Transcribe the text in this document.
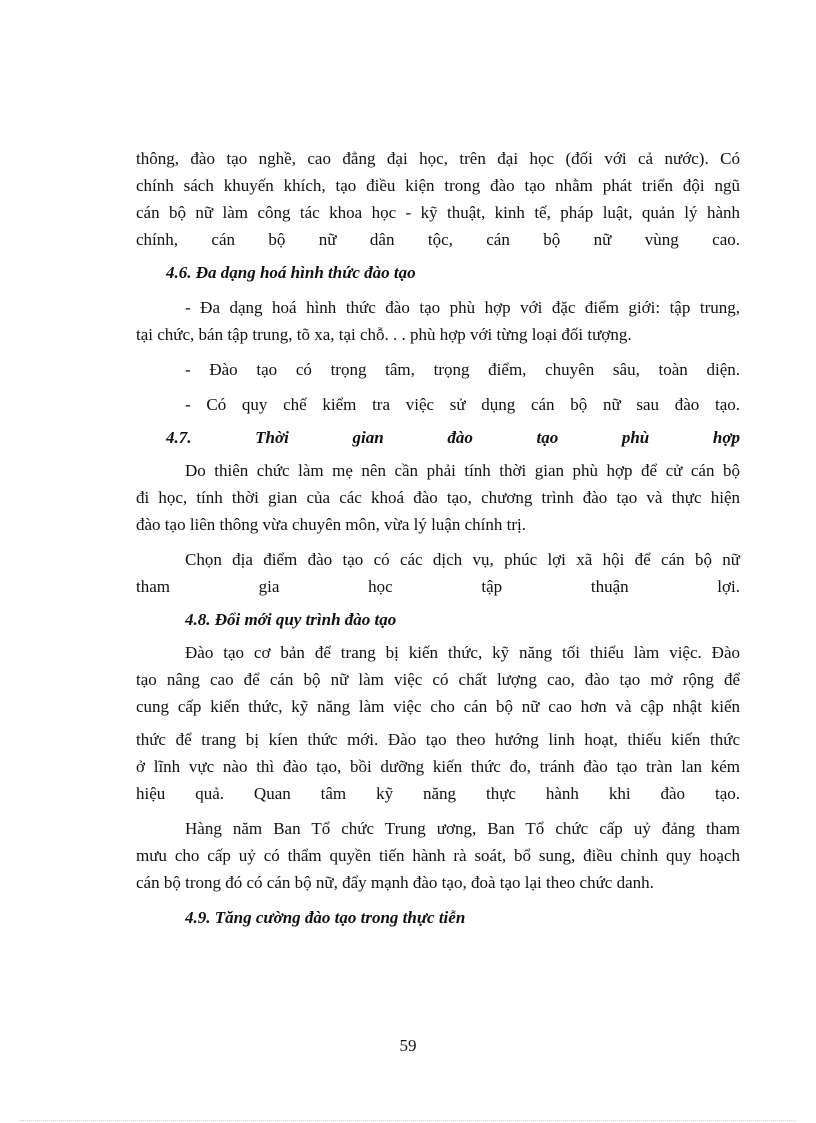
thông, đào tạo nghề, cao đẳng đại học, trên đại học (đối với cả nước). Có
chính sách khuyến khích, tạo điều kiện trong đào tạo nhằm phát triển đội ngũ
cán bộ nữ làm công tác khoa học - kỹ thuật, kinh tế, pháp luật, quản lý hành
chính, cán bộ nữ dân tộc, cán bộ nữ vùng cao.
4.6. Đa dạng hoá hình thức đào tạo
- Đa dạng hoá hình thức đào tạo phù hợp với đặc điểm giới: tập trung,
tại chức, bán tập trung, tõ xa, tại chỗ. . . phù hợp với từng loại đối tượng.
- Đào tạo có trọng tâm, trọng điểm, chuyên sâu, toàn diện.
- Có quy chế kiểm tra việc sử dụng cán bộ nữ sau đào tạo.
4.7. Thời gian đào tạo phù hợp
Do thiên chức làm mẹ nên cần phải tính thời gian phù hợp để cử cán bộ
đi học, tính thời gian của các khoá đào tạo, chương trình đào tạo và thực hiện
đào tạo liên thông vừa chuyên môn, vừa lý luận chính trị.
Chọn địa điểm đào tạo có các dịch vụ, phúc lợi xã hội để cán bộ nữ
tham gia học tập thuận lợi.
4.8. Đổi mới quy trình đào tạo
Đào tạo cơ bản để trang bị kiến thức, kỹ năng tối thiểu làm việc. Đào
tạo nâng cao để cán bộ nữ làm việc có chất lượng cao, đào tạo mở rộng để
cung cấp kiến thức, kỹ năng làm việc cho cán bộ nữ cao hơn và cập nhật kiến
thức để trang bị kíen thức mới. Đào tạo theo hướng linh hoạt, thiếu kiến thức
ở lĩnh vực nào thì đào tạo, bồi dưỡng kiến thức đo, tránh đào tạo tràn lan kém
hiệu quả. Quan tâm kỹ năng thực hành khi đào tạo.
Hàng năm Ban Tổ chức Trung ương, Ban Tổ chức cấp uỷ đảng tham
mưu cho cấp uỷ có thẩm quyền tiến hành rà soát, bổ sung, điều chỉnh quy hoạch
cán bộ trong đó có cán bộ nữ, đẩy mạnh đào tạo, đoà tạo lại theo chức danh.
4.9. Tăng cường đào tạo trong thực tiễn
59
